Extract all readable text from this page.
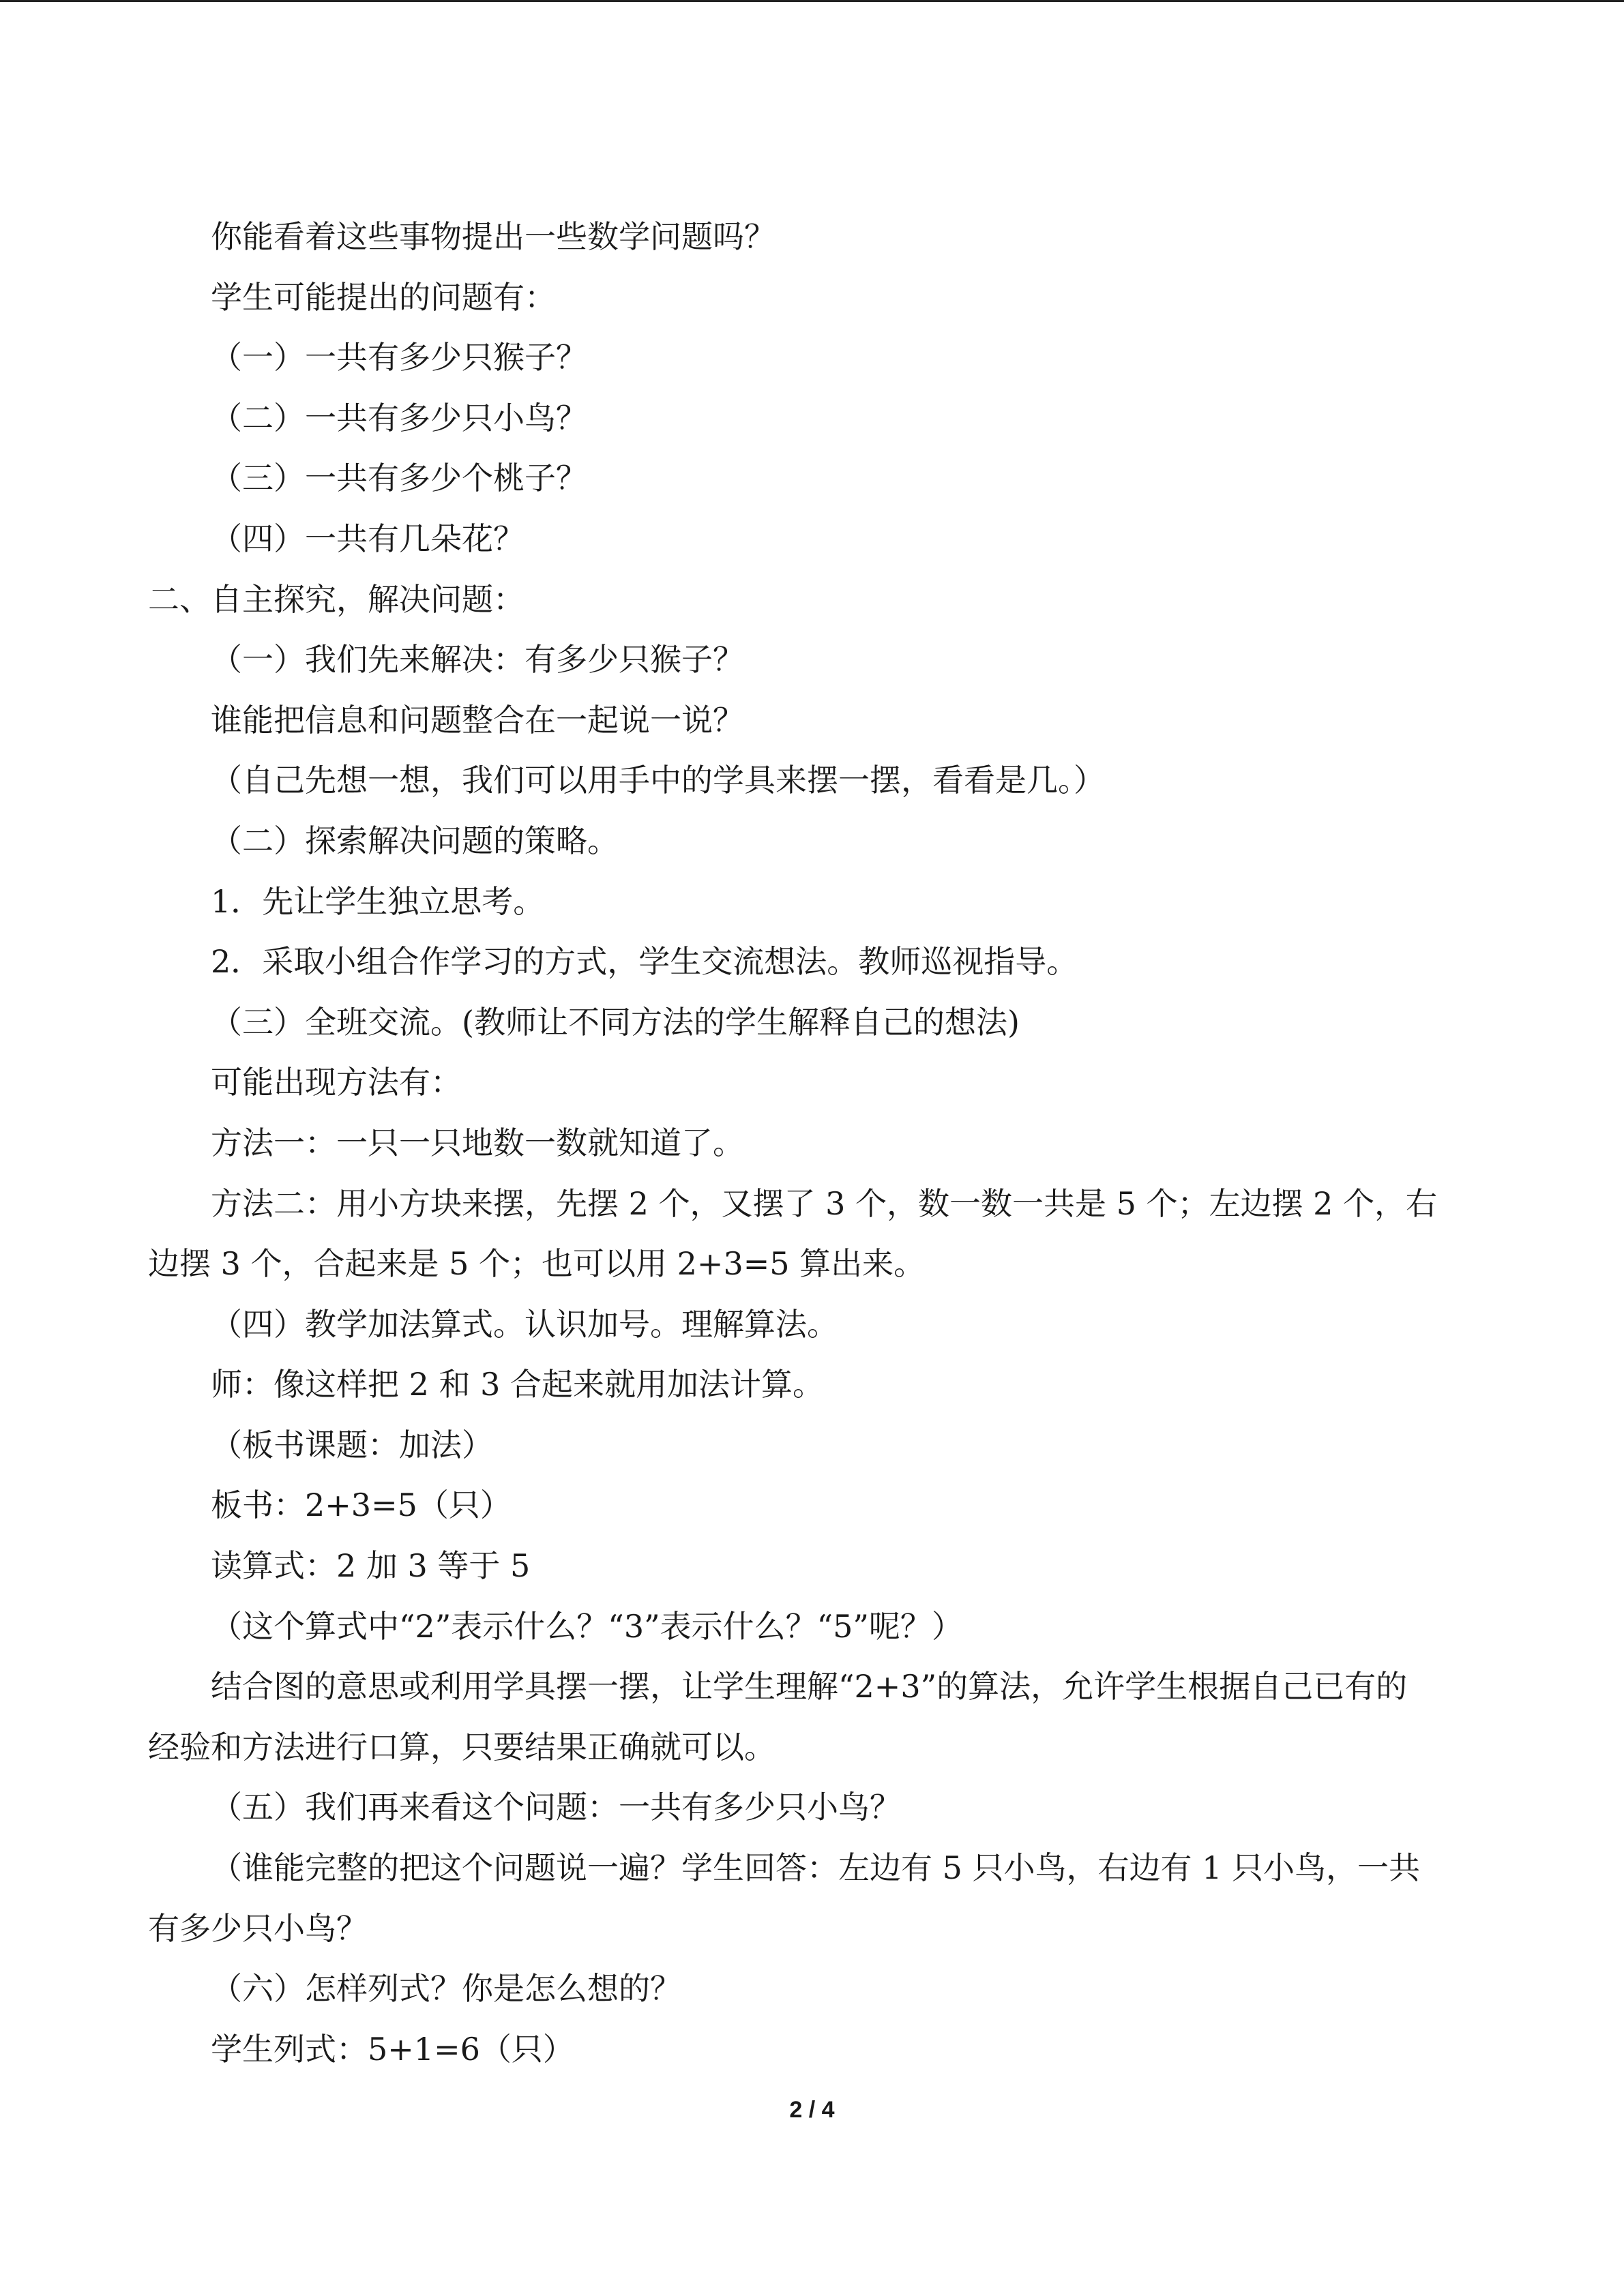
你能看着这些事物提出一些数学问题吗？
学生可能提出的问题有：
（一）一共有多少只猴子？
（二）一共有多少只小鸟？
（三）一共有多少个桃子？
（四）一共有几朵花？
二、自主探究，解决问题：
（一）我们先来解决：有多少只猴子？
谁能把信息和问题整合在一起说一说？
（自己先想一想，我们可以用手中的学具来摆一摆，看看是几。）
（二）探索解决问题的策略。
1．先让学生独立思考。
2．采取小组合作学习的方式，学生交流想法。教师巡视指导。
（三）全班交流。(教师让不同方法的学生解释自己的想法)
可能出现方法有：
方法一：一只一只地数一数就知道了。
方法二：用小方块来摆，先摆 2 个，又摆了 3 个，数一数一共是 5 个；左边摆 2 个，右
边摆 3 个，合起来是 5 个；也可以用 2+3=5 算出来。
（四）教学加法算式。认识加号。理解算法。
师：像这样把 2 和 3 合起来就用加法计算。
（板书课题：加法）
板书：2+3=5（只）
读算式：2 加 3 等于 5
（这个算式中“2”表示什么？“3”表示什么？“5”呢？）
结合图的意思或利用学具摆一摆，让学生理解“2+3”的算法，允许学生根据自己已有的
经验和方法进行口算，只要结果正确就可以。
（五）我们再来看这个问题：一共有多少只小鸟？
（谁能完整的把这个问题说一遍？学生回答：左边有 5 只小鸟，右边有 1 只小鸟，一共
有多少只小鸟？
（六）怎样列式？你是怎么想的？
学生列式：5+1=6（只）
2 / 4
